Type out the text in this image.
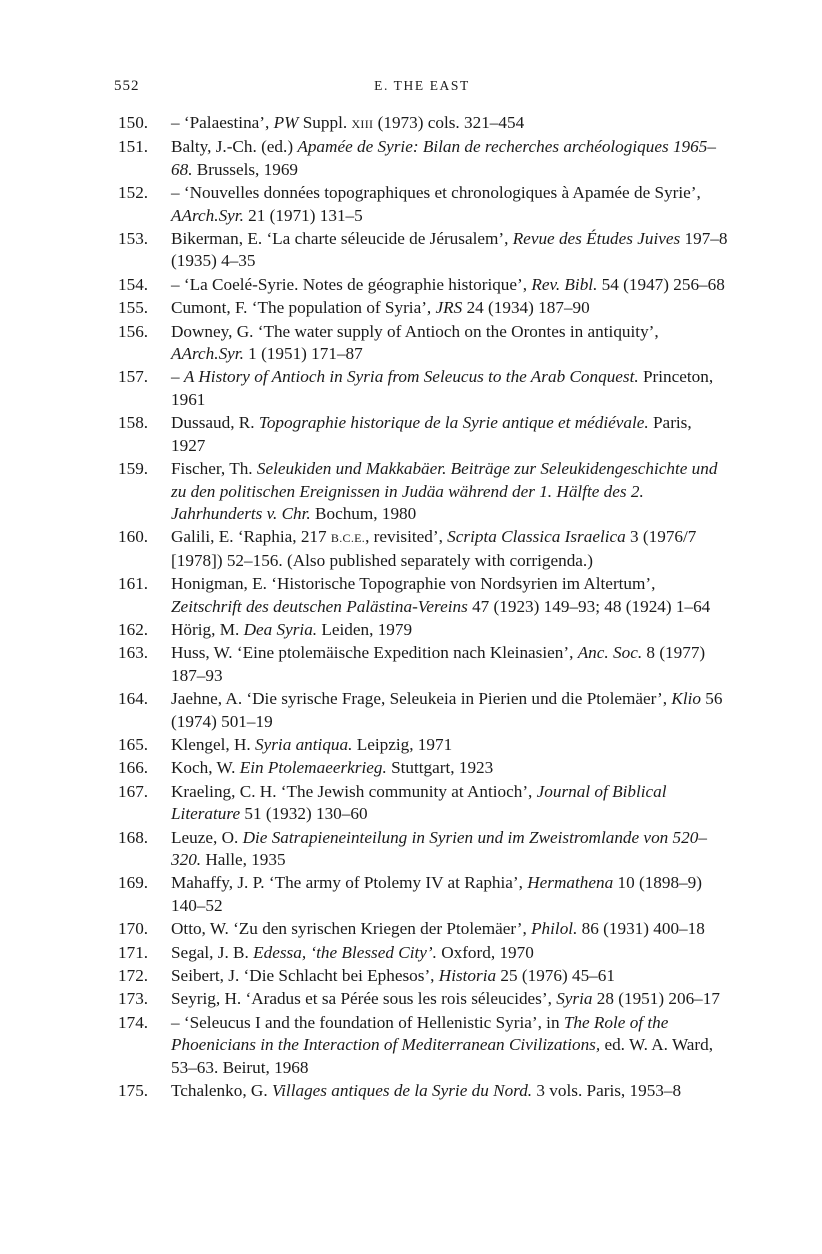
552	E. THE EAST
150.	– ‘Palaestina’, PW Suppl. XIII (1973) cols. 321–454
151.	Balty, J.-Ch. (ed.) Apamée de Syrie: Bilan de recherches archéologiques 1965–68. Brussels, 1969
152.	– ‘Nouvelles données topographiques et chronologiques à Apamée de Syrie’, AArch.Syr. 21 (1971) 131–5
153.	Bikerman, E. ‘La charte séleucide de Jérusalem’, Revue des Études Juives 197–8 (1935) 4–35
154.	– ‘La Coelé-Syrie. Notes de géographie historique’, Rev. Bibl. 54 (1947) 256–68
155.	Cumont, F. ‘The population of Syria’, JRS 24 (1934) 187–90
156.	Downey, G. ‘The water supply of Antioch on the Orontes in antiquity’, AArch.Syr. 1 (1951) 171–87
157.	– A History of Antioch in Syria from Seleucus to the Arab Conquest. Princeton, 1961
158.	Dussaud, R. Topographie historique de la Syrie antique et médiévale. Paris, 1927
159.	Fischer, Th. Seleukiden und Makkabäer. Beiträge zur Seleukidengeschichte und zu den politischen Ereignissen in Judäa während der 1. Hälfte des 2. Jahrhunderts v. Chr. Bochum, 1980
160.	Galili, E. ‘Raphia, 217 B.C.E., revisited’, Scripta Classica Israelica 3 (1976/7 [1978]) 52–156. (Also published separately with corrigenda.)
161.	Honigman, E. ‘Historische Topographie von Nordsyrien im Altertum’, Zeitschrift des deutschen Palästina-Vereins 47 (1923) 149–93; 48 (1924) 1–64
162.	Hörig, M. Dea Syria. Leiden, 1979
163.	Huss, W. ‘Eine ptolemäische Expedition nach Kleinasien’, Anc. Soc. 8 (1977) 187–93
164.	Jaehne, A. ‘Die syrische Frage, Seleukeia in Pierien und die Ptolemäer’, Klio 56 (1974) 501–19
165.	Klengel, H. Syria antiqua. Leipzig, 1971
166.	Koch, W. Ein Ptolemaeerkrieg. Stuttgart, 1923
167.	Kraeling, C. H. ‘The Jewish community at Antioch’, Journal of Biblical Literature 51 (1932) 130–60
168.	Leuze, O. Die Satrapieneinteilung in Syrien und im Zweistromlande von 520–320. Halle, 1935
169.	Mahaffy, J. P. ‘The army of Ptolemy IV at Raphia’, Hermathena 10 (1898–9) 140–52
170.	Otto, W. ‘Zu den syrischen Kriegen der Ptolemäer’, Philol. 86 (1931) 400–18
171.	Segal, J. B. Edessa, ‘the Blessed City’. Oxford, 1970
172.	Seibert, J. ‘Die Schlacht bei Ephesos’, Historia 25 (1976) 45–61
173.	Seyrig, H. ‘Aradus et sa Pérée sous les rois séleucides’, Syria 28 (1951) 206–17
174.	– ‘Seleucus I and the foundation of Hellenistic Syria’, in The Role of the Phoenicians in the Interaction of Mediterranean Civilizations, ed. W. A. Ward, 53–63. Beirut, 1968
175.	Tchalenko, G. Villages antiques de la Syrie du Nord. 3 vols. Paris, 1953–8
